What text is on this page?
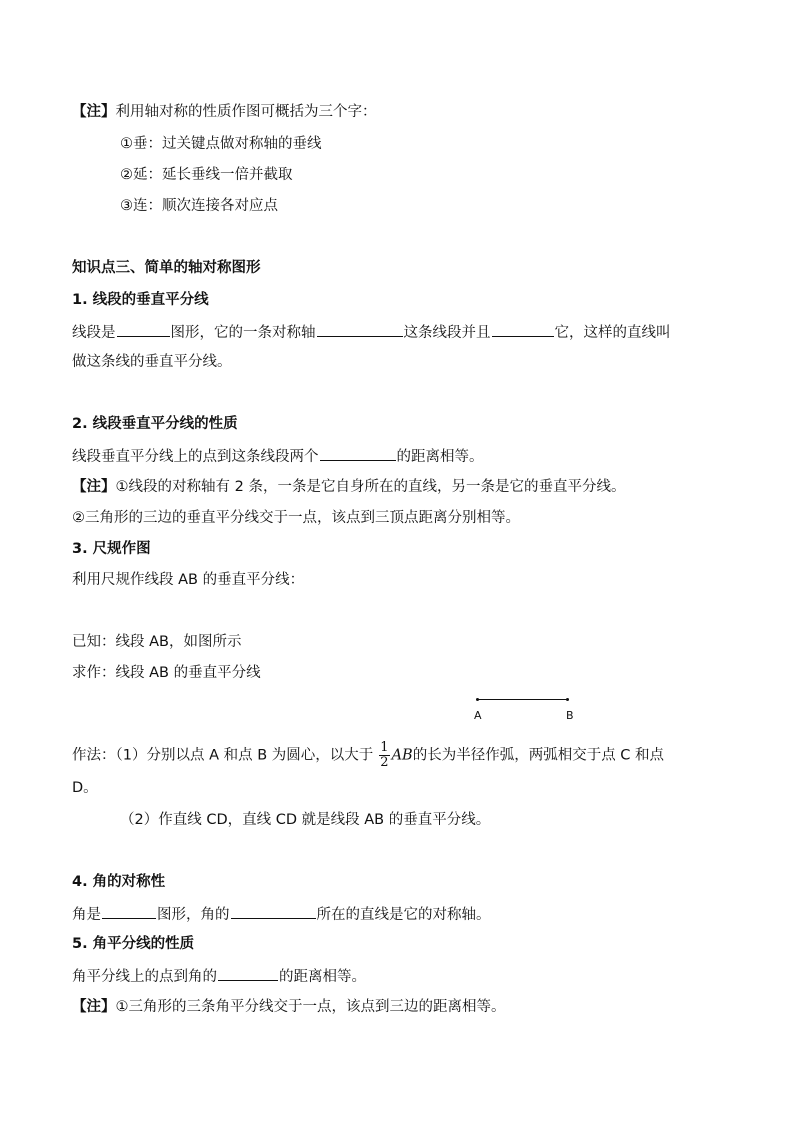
【注】利用轴对称的性质作图可概括为三个字：
①垂：过关键点做对称轴的垂线
②延：延长垂线一倍并截取
③连：顺次连接各对应点
知识点三、简单的轴对称图形
1. 线段的垂直平分线
线段是	图形，它的一条对称轴	这条线段并且	它，这样的直线叫
做这条线的垂直平分线。
2. 线段垂直平分线的性质
线段垂直平分线上的点到这条线段两个	的距离相等。
【注】①线段的对称轴有 2 条，一条是它自身所在的直线，另一条是它的垂直平分线。
②三角形的三边的垂直平分线交于一点，该点到三顶点距离分别相等。
3. 尺规作图
利用尺规作线段 AB 的垂直平分线：
已知：线段 AB，如图所示
求作：线段 AB 的垂直平分线
A	B
作法：（1）分别以点 A 和点 B 为圆心，以大于 $\frac{1}{2}$ AB的长为半径作弧，两弧相交于点 C 和点
D。
（2）作直线 CD，直线 CD 就是线段 AB 的垂直平分线。
4. 角的对称性
角是	图形，角的	所在的直线是它的对称轴。
5. 角平分线的性质
角平分线上的点到角的	的距离相等。
【注】①三角形的三条角平分线交于一点，该点到三边的距离相等。
